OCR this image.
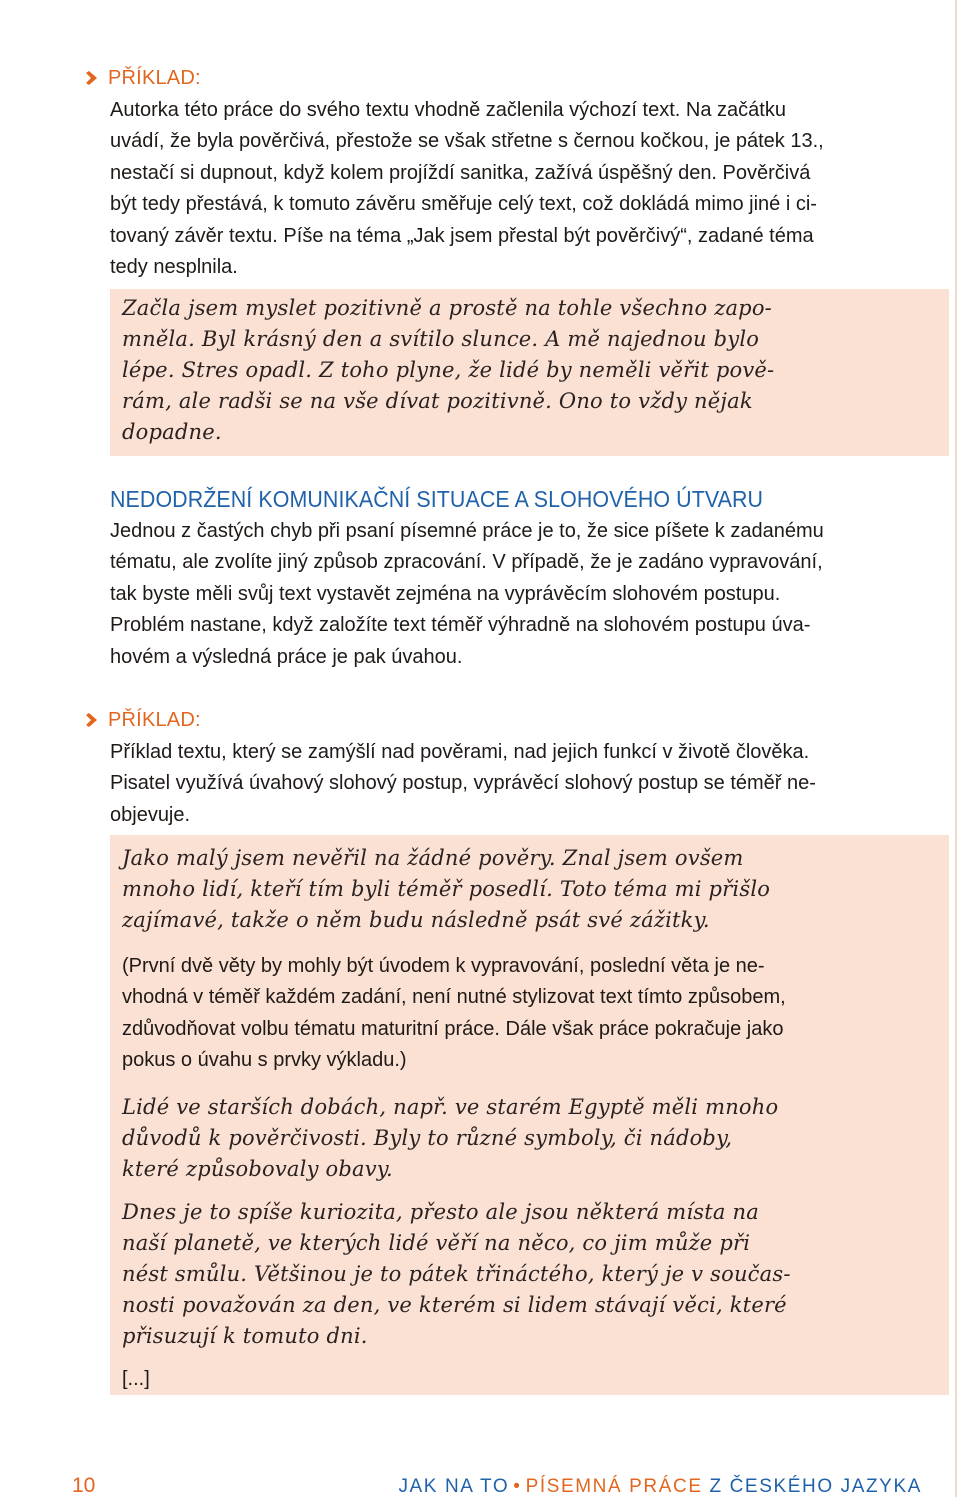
PŘÍKLAD:
Autorka této práce do svého textu vhodně začlenila výchozí text. Na začátku
uvádí, že byla pověrčivá, přestože se však střetne s černou kočkou, je pátek 13.,
nestačí si dupnout, když kolem projíždí sanitka, zažívá úspěšný den. Pověrčivá
být tedy přestává, k tomuto závěru směřuje celý text, což dokládá mimo jiné i ci-
tovaný závěr textu. Píše na téma „Jak jsem přestal být pověrčivý“, zadané téma
tedy nesplnila.
Začla jsem myslet pozitivně a prostě na tohle všechno zapo-
mněla. Byl krásný den a svítilo slunce. A mě najednou bylo
lépe. Stres opadl. Z toho plyne, že lidé by neměli věřit pově-
rám, ale radši se na vše dívat pozitivně. Ono to vždy nějak
dopadne.
NEDODRŽENÍ KOMUNIKAČNÍ SITUACE A SLOHOVÉHO ÚTVARU
Jednou z častých chyb při psaní písemné práce je to, že sice píšete k zadanému
tématu, ale zvolíte jiný způsob zpracování. V případě, že je zadáno vypravování,
tak byste měli svůj text vystavět zejména na vyprávěcím slohovém postupu.
Problém nastane, když založíte text téměř výhradně na slohovém postupu úva-
hovém a výsledná práce je pak úvahou.
PŘÍKLAD:
Příklad textu, který se zamýšlí nad pověrami, nad jejich funkcí v životě člověka.
Pisatel využívá úvahový slohový postup, vyprávěcí slohový postup se téměř ne-
objevuje.
Jako malý jsem nevěřil na žádné pověry. Znal jsem ovšem
mnoho lidí, kteří tím byli téměř posedlí. Toto téma mi přišlo
zajímavé, takže o něm budu následně psát své zážitky.
(První dvě věty by mohly být úvodem k vypravování, poslední věta je ne-
vhodná v téměř každém zadání, není nutné stylizovat text tímto způsobem,
zdůvodňovat volbu tématu maturitní práce. Dále však práce pokračuje jako
pokus o úvahu s prvky výkladu.)
Lidé ve starších dobách, např. ve starém Egyptě měli mnoho
důvodů k pověrčivosti. Byly to různé symboly, či nádoby,
které způsobovaly obavy.
Dnes je to spíše kuriozita, přesto ale jsou některá místa na
naší planetě, ve kterých lidé věří na něco, co jim může při
nést smůlu. Většinou je to pátek třináctého, který je v součas-
nosti považován za den, ve kterém si lidem stávají věci, které
přisuzují k tomuto dni.
[...]
10	JAK NA TO • PÍSEMNÁ PRÁCE Z ČESKÉHO JAZYKA
